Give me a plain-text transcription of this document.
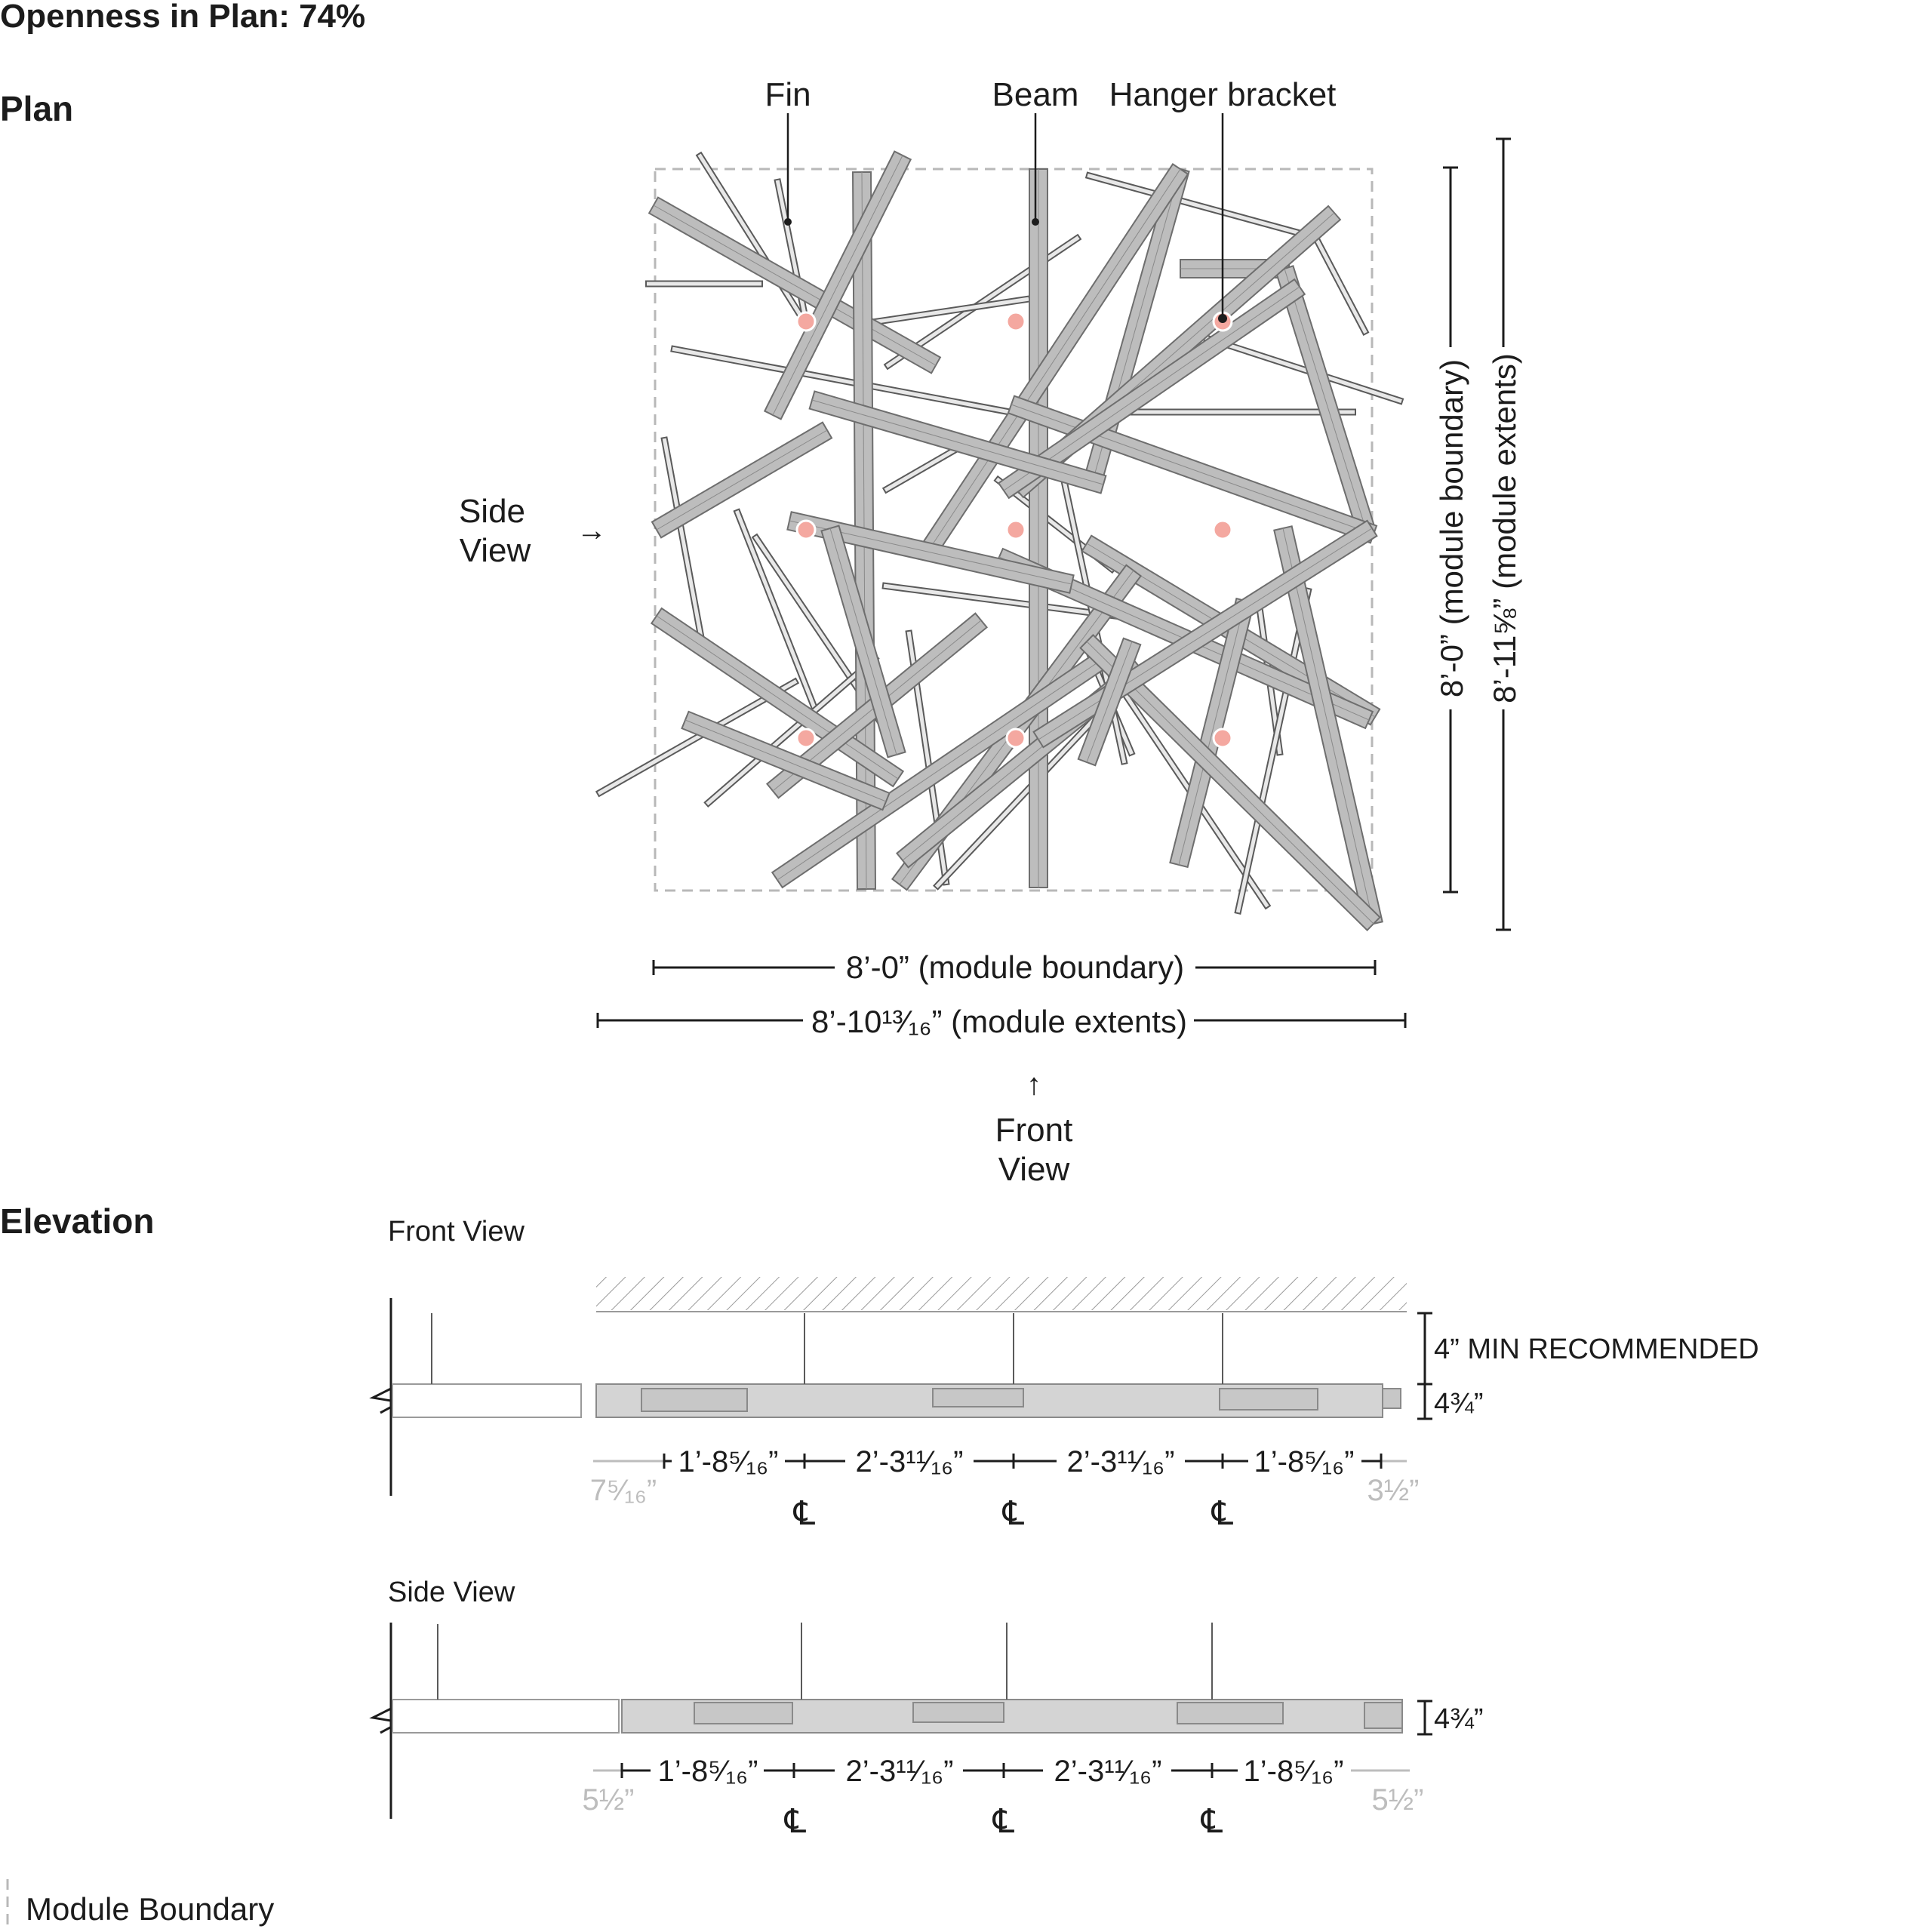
Openness in Plan: 74%
Plan
Elevation
Fin	Beam Hanger bracket
Side
View
→
↑
Front
View
8’-0” (module boundary)
8’-10¹³⁄₁₆” (module extents)
8’-0” (module boundary) 8’-11⅝” (module extents)
Front View
4” MIN RECOMMENDED
4¾”
1’-8⁵⁄₁₆”	2’-3¹¹⁄₁₆”	2’-3¹¹⁄₁₆”	1’-8⁵⁄₁₆”
7⁵⁄₁₆”	3½”
℄	℄	℄
Side View
4¾”
1’-8⁵⁄₁₆”	2’-3¹¹⁄₁₆”	2’-3¹¹⁄₁₆”	1’-8⁵⁄₁₆”
5½”	5½”
℄	℄	℄
Module Boundary
